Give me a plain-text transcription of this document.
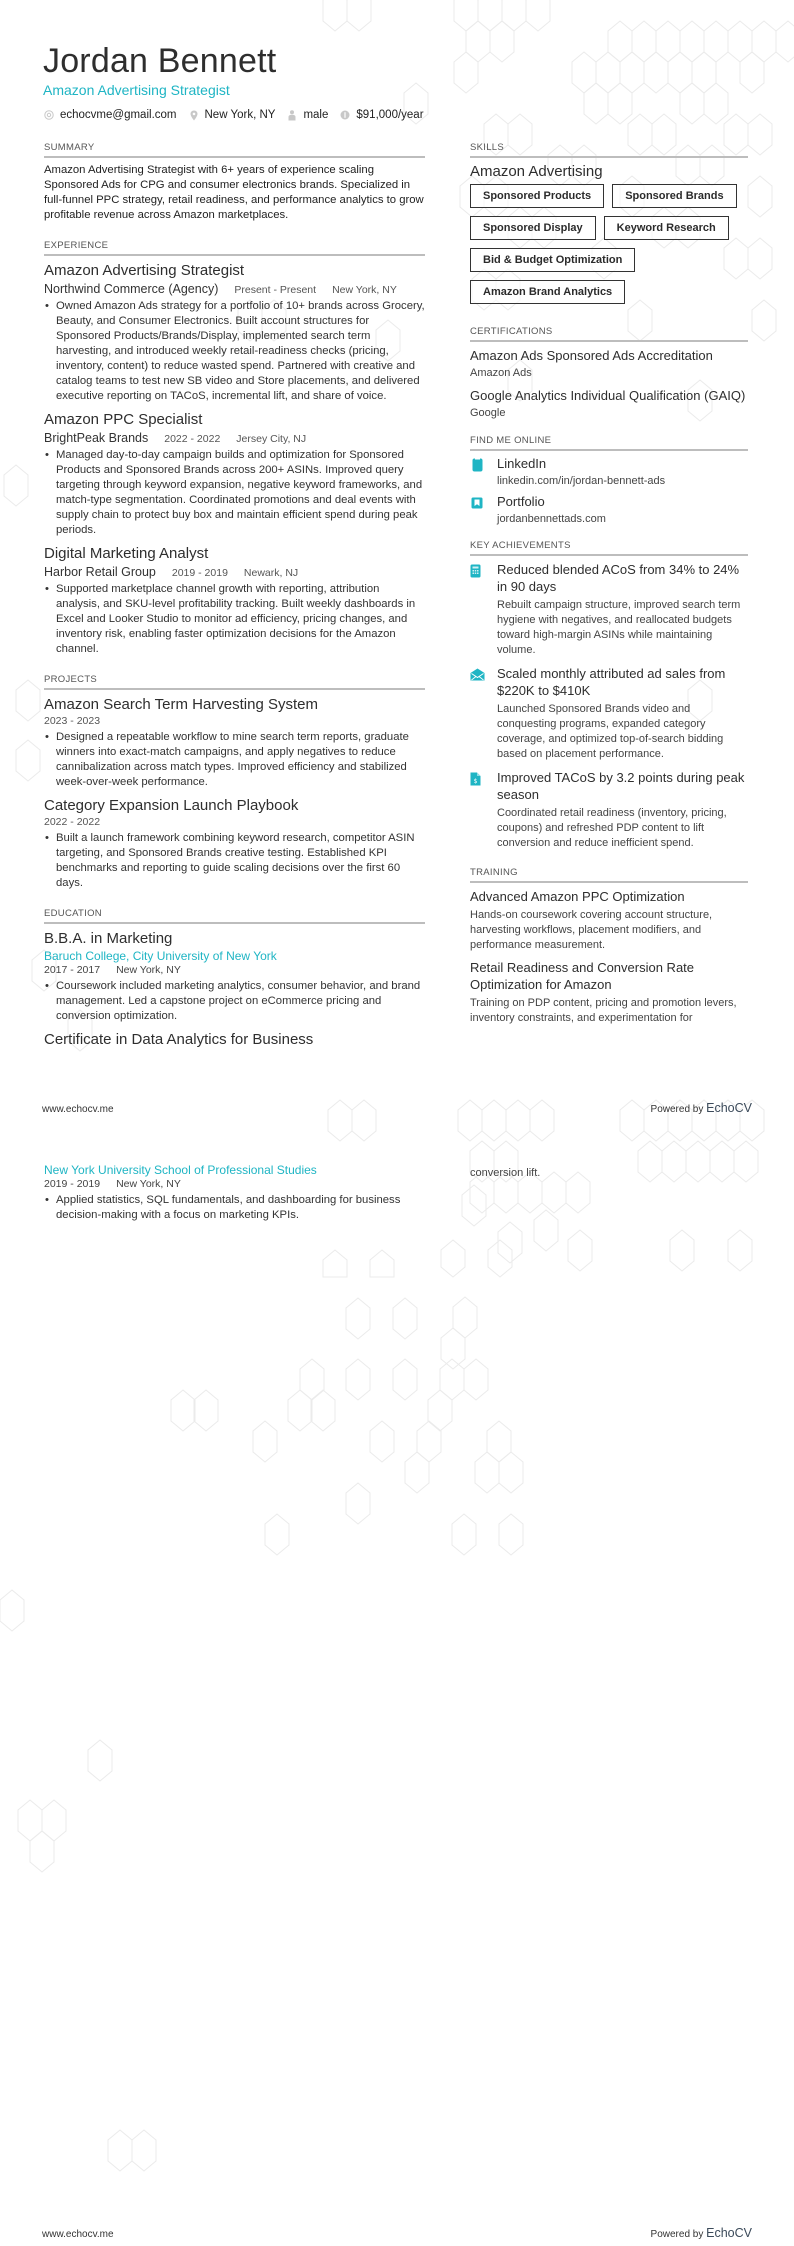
Jordan Bennett
Amazon Advertising Strategist
echocvme@gmail.com New York, NY male $91,000/year
SUMMARY

Amazon Advertising Strategist with 6+ years of experience scaling Sponsored Ads for CPG and consumer electronics brands. Specialized in full-funnel PPC strategy, retail readiness, and performance analytics to grow profitable revenue across Amazon marketplaces.

EXPERIENCE
Amazon Advertising Strategist
Northwind Commerce (Agency) Present - Present New York, NY
• Owned Amazon Ads strategy for a portfolio of 10+ brands across Grocery, Beauty, and Consumer Electronics. Built account structures for Sponsored Products/Brands/Display, implemented search term harvesting, and introduced weekly retail-readiness checks (pricing, inventory, content) to reduce wasted spend. Partnered with creative and catalog teams to test new SB video and Store placements, and delivered executive reporting on TACoS, incremental lift, and share of voice.
Amazon PPC Specialist
BrightPeak Brands 2022 - 2022 Jersey City, NJ
• Managed day-to-day campaign builds and optimization for Sponsored Products and Sponsored Brands across 200+ ASINs. Improved query targeting through keyword expansion, negative keyword frameworks, and match-type segmentation. Coordinated promotions and deal events with supply chain to protect buy box and maintain efficient spend during peak periods.
Digital Marketing Analyst
Harbor Retail Group 2019 - 2019 Newark, NJ
• Supported marketplace channel growth with reporting, attribution analysis, and SKU-level profitability tracking. Built weekly dashboards in Excel and Looker Studio to monitor ad efficiency, pricing changes, and inventory risk, enabling faster optimization decisions for the Amazon channel.
PROJECTS
Amazon Search Term Harvesting System
2023 - 2023
• Designed a repeatable workflow to mine search term reports, graduate winners into exact-match campaigns, and apply negatives to reduce cannibalization across match types. Improved efficiency and stabilized week-over-week performance.
Category Expansion Launch Playbook
2022 - 2022
• Built a launch framework combining keyword research, competitor ASIN targeting, and Sponsored Brands creative testing. Established KPI benchmarks and reporting to guide scaling decisions over the first 60 days.
EDUCATION
B.B.A. in Marketing
Baruch College, City University of New York
2017 - 2017 New York, NY
• Coursework included marketing analytics, consumer behavior, and brand management. Led a capstone project on eCommerce pricing and conversion optimization.
Certificate in Data Analytics for Business
SKILLS
Amazon Advertising
Sponsored Products	Sponsored Brands
Sponsored Display	Keyword Research
Bid & Budget Optimization
Amazon Brand Analytics
CERTIFICATIONS
Amazon Ads Sponsored Ads Accreditation
Amazon Ads
Google Analytics Individual Qualification (GAIQ)
Google
FIND ME ONLINE
LinkedIn
linkedin.com/in/jordan-bennett-ads
Portfolio
jordanbennettads.com
KEY ACHIEVEMENTS
Reduced blended ACoS from 34% to 24% in 90 days
Rebuilt campaign structure, improved search term hygiene with negatives, and reallocated budgets toward high-margin ASINs while maintaining volume.
Scaled monthly attributed ad sales from $220K to $410K
Launched Sponsored Brands video and conquesting programs, expanded category coverage, and optimized top-of-search bidding based on placement performance.
$ Improved TACoS by 3.2 points during peak season
Coordinated retail readiness (inventory, pricing, coupons) and refreshed PDP content to lift conversion and reduce inefficient spend.
TRAINING
Advanced Amazon PPC Optimization
Hands-on coursework covering account structure, harvesting workflows, placement modifiers, and performance measurement.
Retail Readiness and Conversion Rate Optimization for Amazon
Training on PDP content, pricing and promotion levers, inventory constraints, and experimentation for
www.echocv.me	Powered by EchoCV
New York University School of Professional Studies
2019 - 2019 New York, NY
• Applied statistics, SQL fundamentals, and dashboarding for business decision-making with a focus on marketing KPIs.
conversion lift.
www.echocv.me	Powered by EchoCV
